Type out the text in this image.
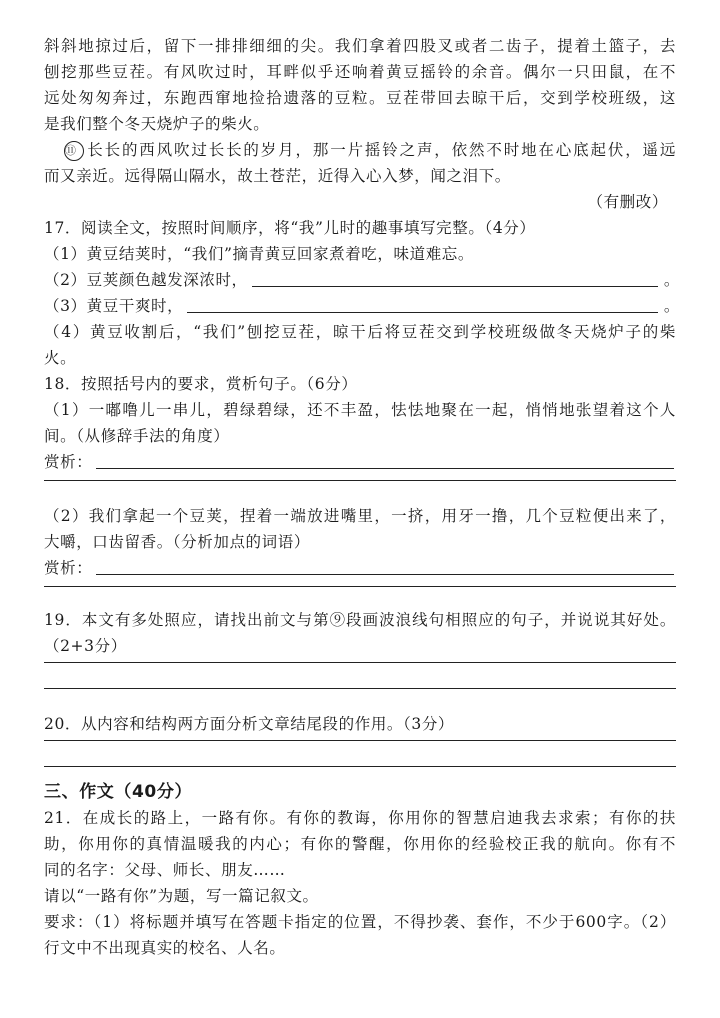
斜斜地掠过后，留下一排排细细的尖。我们拿着四股叉或者二齿子，提着土篮子，去
刨挖那些豆茬。有风吹过时，耳畔似乎还响着黄豆摇铃的余音。偶尔一只田鼠，在不
远处匆匆奔过，东跑西窜地捡拾遗落的豆粒。豆茬带回去晾干后，交到学校班级，这
是我们整个冬天烧炉子的柴火。
⑪ 长长的西风吹过长长的岁月，那一片摇铃之声，依然不时地在心底起伏，遥远
而又亲近。远得隔山隔水，故土苍茫，近得入心入梦，闻之泪下。
（有删改）
17．阅读全文，按照时间顺序，将“我”儿时的趣事填写完整。（4分）
（1）黄豆结荚时，“我们”摘青黄豆回家煮着吃，味道难忘。
（2）豆荚颜色越发深浓时，	。
（3）黄豆干爽时，	。
（4）黄豆收割后，“我们”刨挖豆茬，晾干后将豆茬交到学校班级做冬天烧炉子的柴
火。
18．按照括号内的要求，赏析句子。（6分）
（1）一嘟噜儿一串儿，碧绿碧绿，还不丰盈，怯怯地聚在一起，悄悄地张望着这个人
间。（从修辞手法的角度）
赏析：
（2）我们拿起一个豆荚，捏着一端放进嘴里，一挤，用牙一撸，几个豆粒便出来了，
大嚼，口齿留香。（分析加点的词语）
赏析：
19．本文有多处照应，请找出前文与第⑨段画波浪线句相照应的句子，并说说其好处。
（2+3分）
20．从内容和结构两方面分析文章结尾段的作用。（3分）
三、作文（40分）
21．在成长的路上，一路有你。有你的教诲，你用你的智慧启迪我去求索；有你的扶
助，你用你的真情温暖我的内心；有你的警醒，你用你的经验校正我的航向。你有不
同的名字：父母、师长、朋友……
请以“一路有你”为题，写一篇记叙文。
要求：（1）将标题并填写在答题卡指定的位置，不得抄袭、套作，不少于600字。（2）
行文中不出现真实的校名、人名。
